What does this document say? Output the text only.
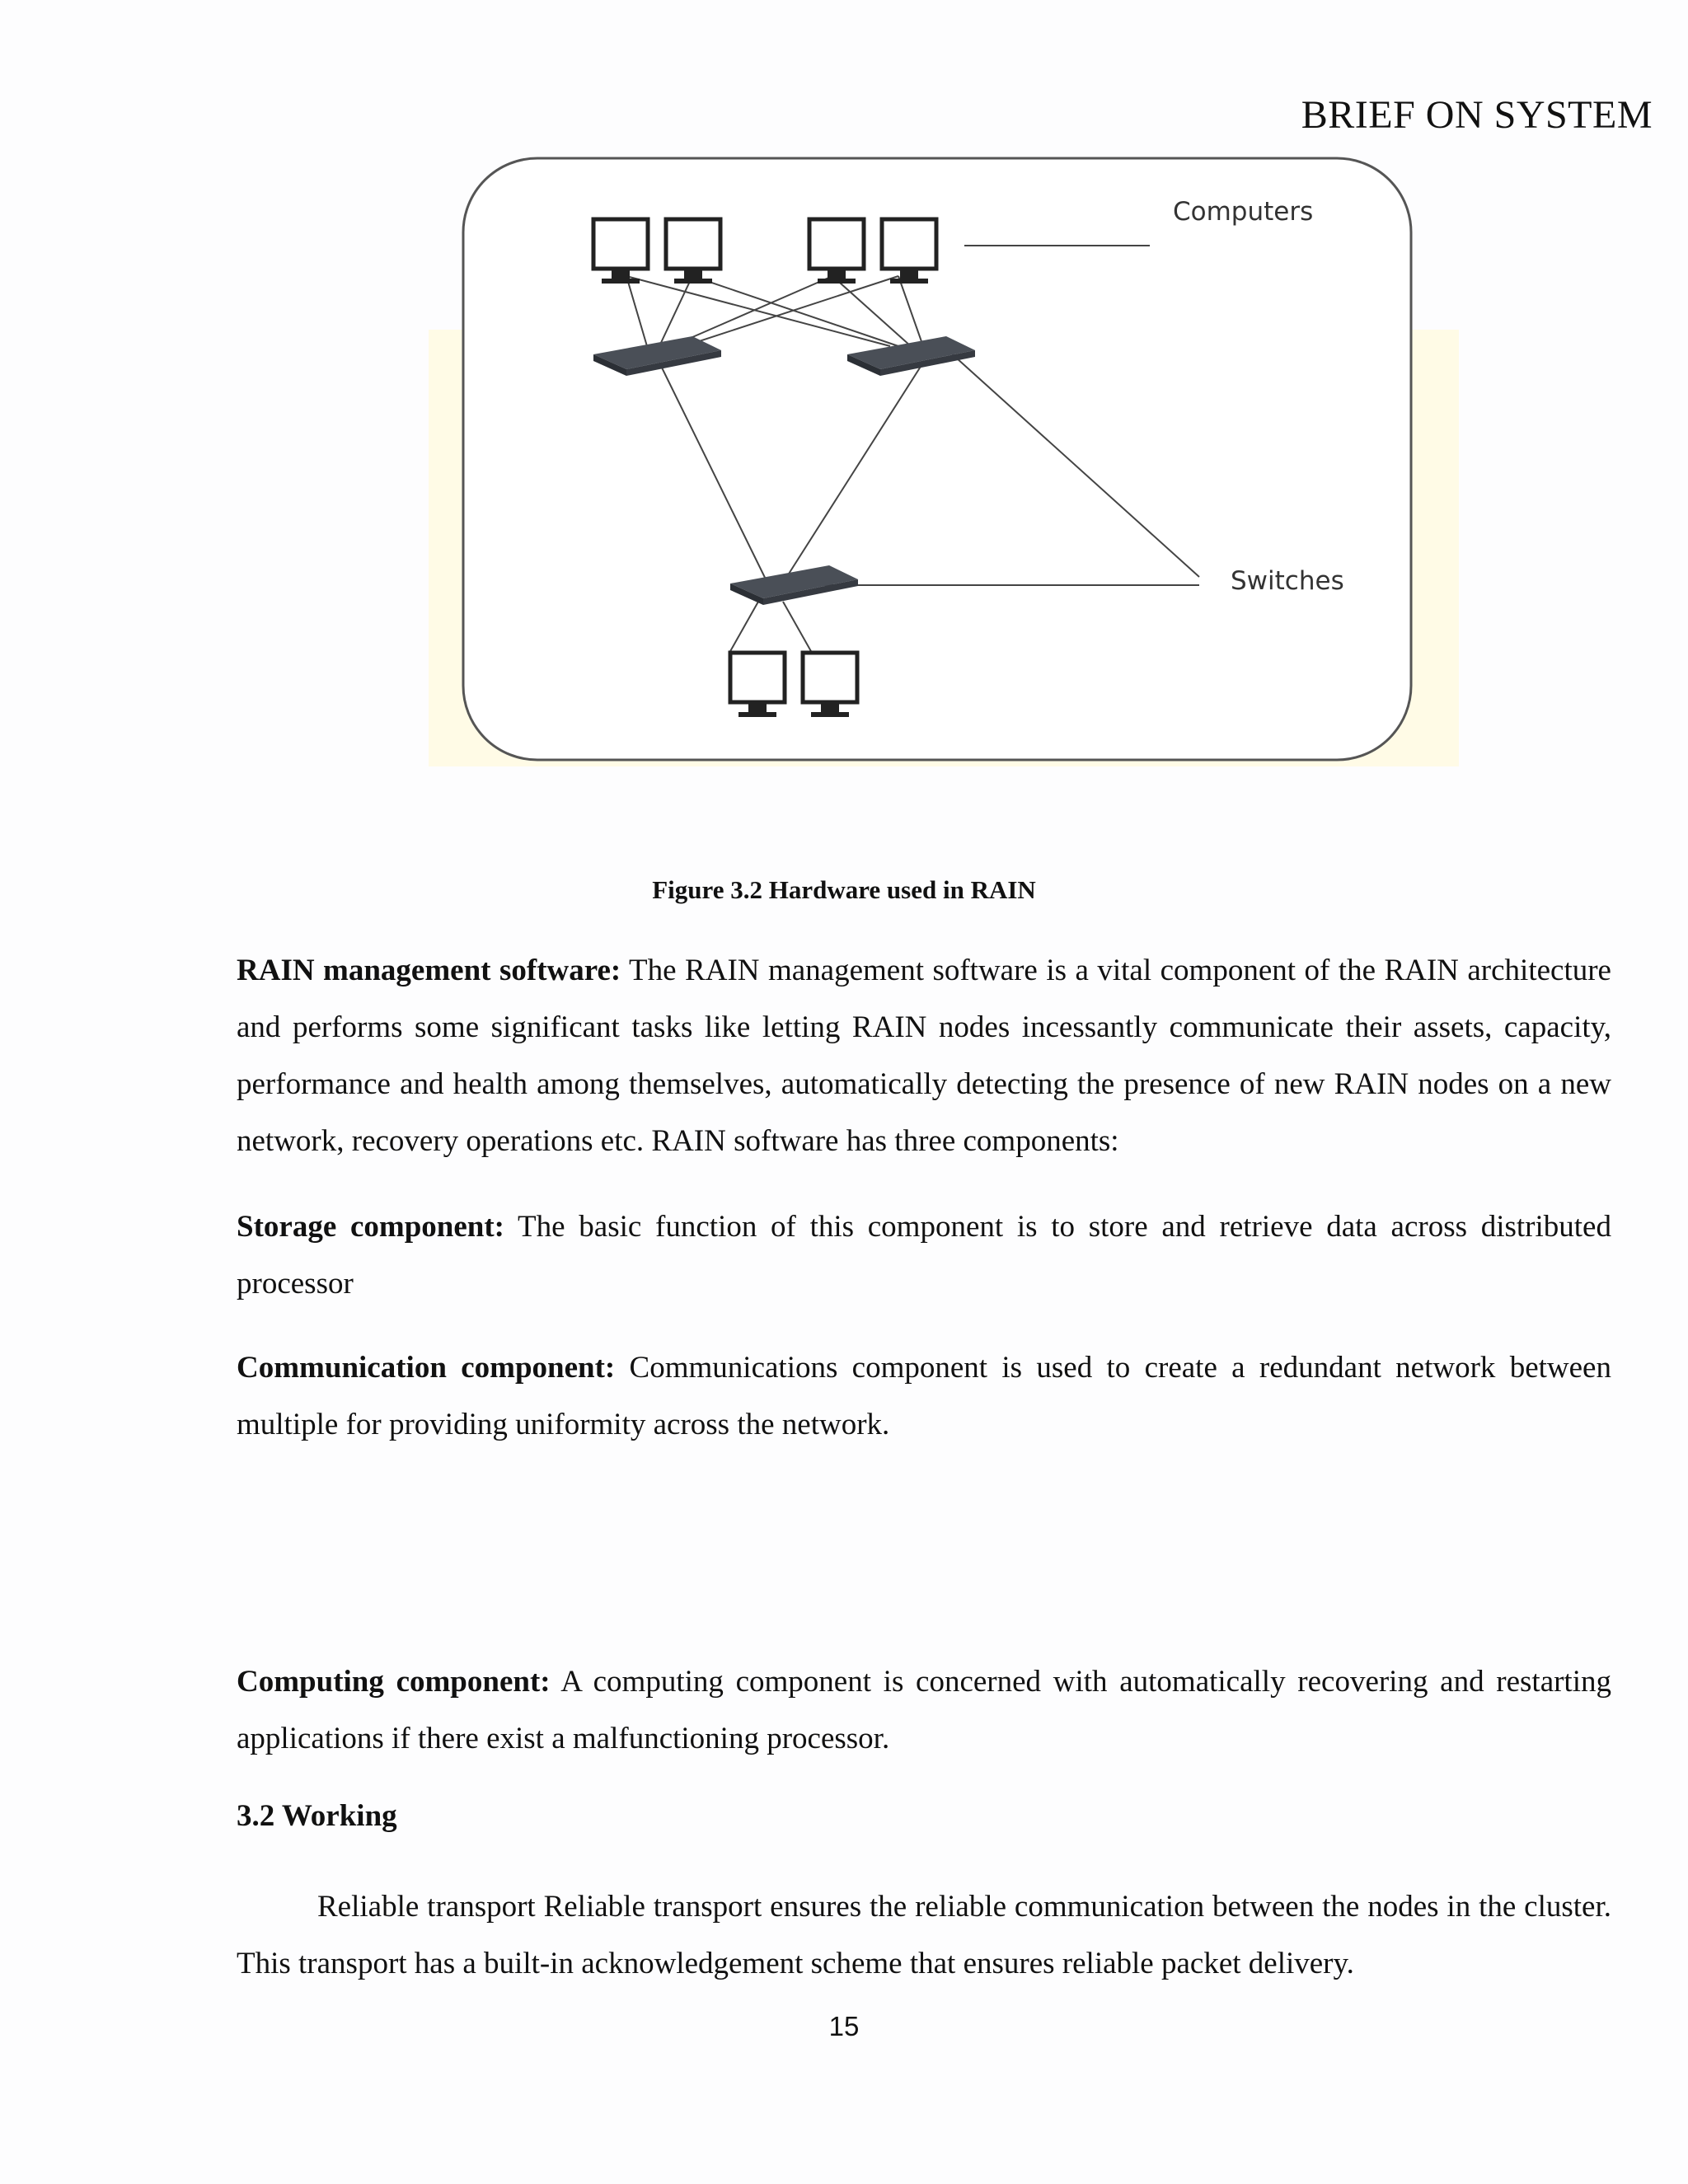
BRIEF ON SYSTEM
Computers
Switches
Figure 3.2 Hardware used in RAIN

RAIN management software: The RAIN management software is a vital component of the RAIN architecture and performs some significant tasks like letting RAIN nodes incessantly communicate their assets, capacity, performance and health among themselves, automatically detecting the presence of new RAIN nodes on a new network, recovery operations etc. RAIN software has three components:

Storage component: The basic function of this component is to store and retrieve data across distributed processor

Communication component: Communications component is used to create a redundant network between multiple for providing uniformity across the network.

Computing component: A computing component is concerned with automatically recovering and restarting applications if there exist a malfunctioning processor.

3.2 Working

Reliable transport Reliable transport ensures the reliable communication between the nodes in the cluster. This transport has a built-in acknowledgement scheme that ensures reliable packet delivery.

15
